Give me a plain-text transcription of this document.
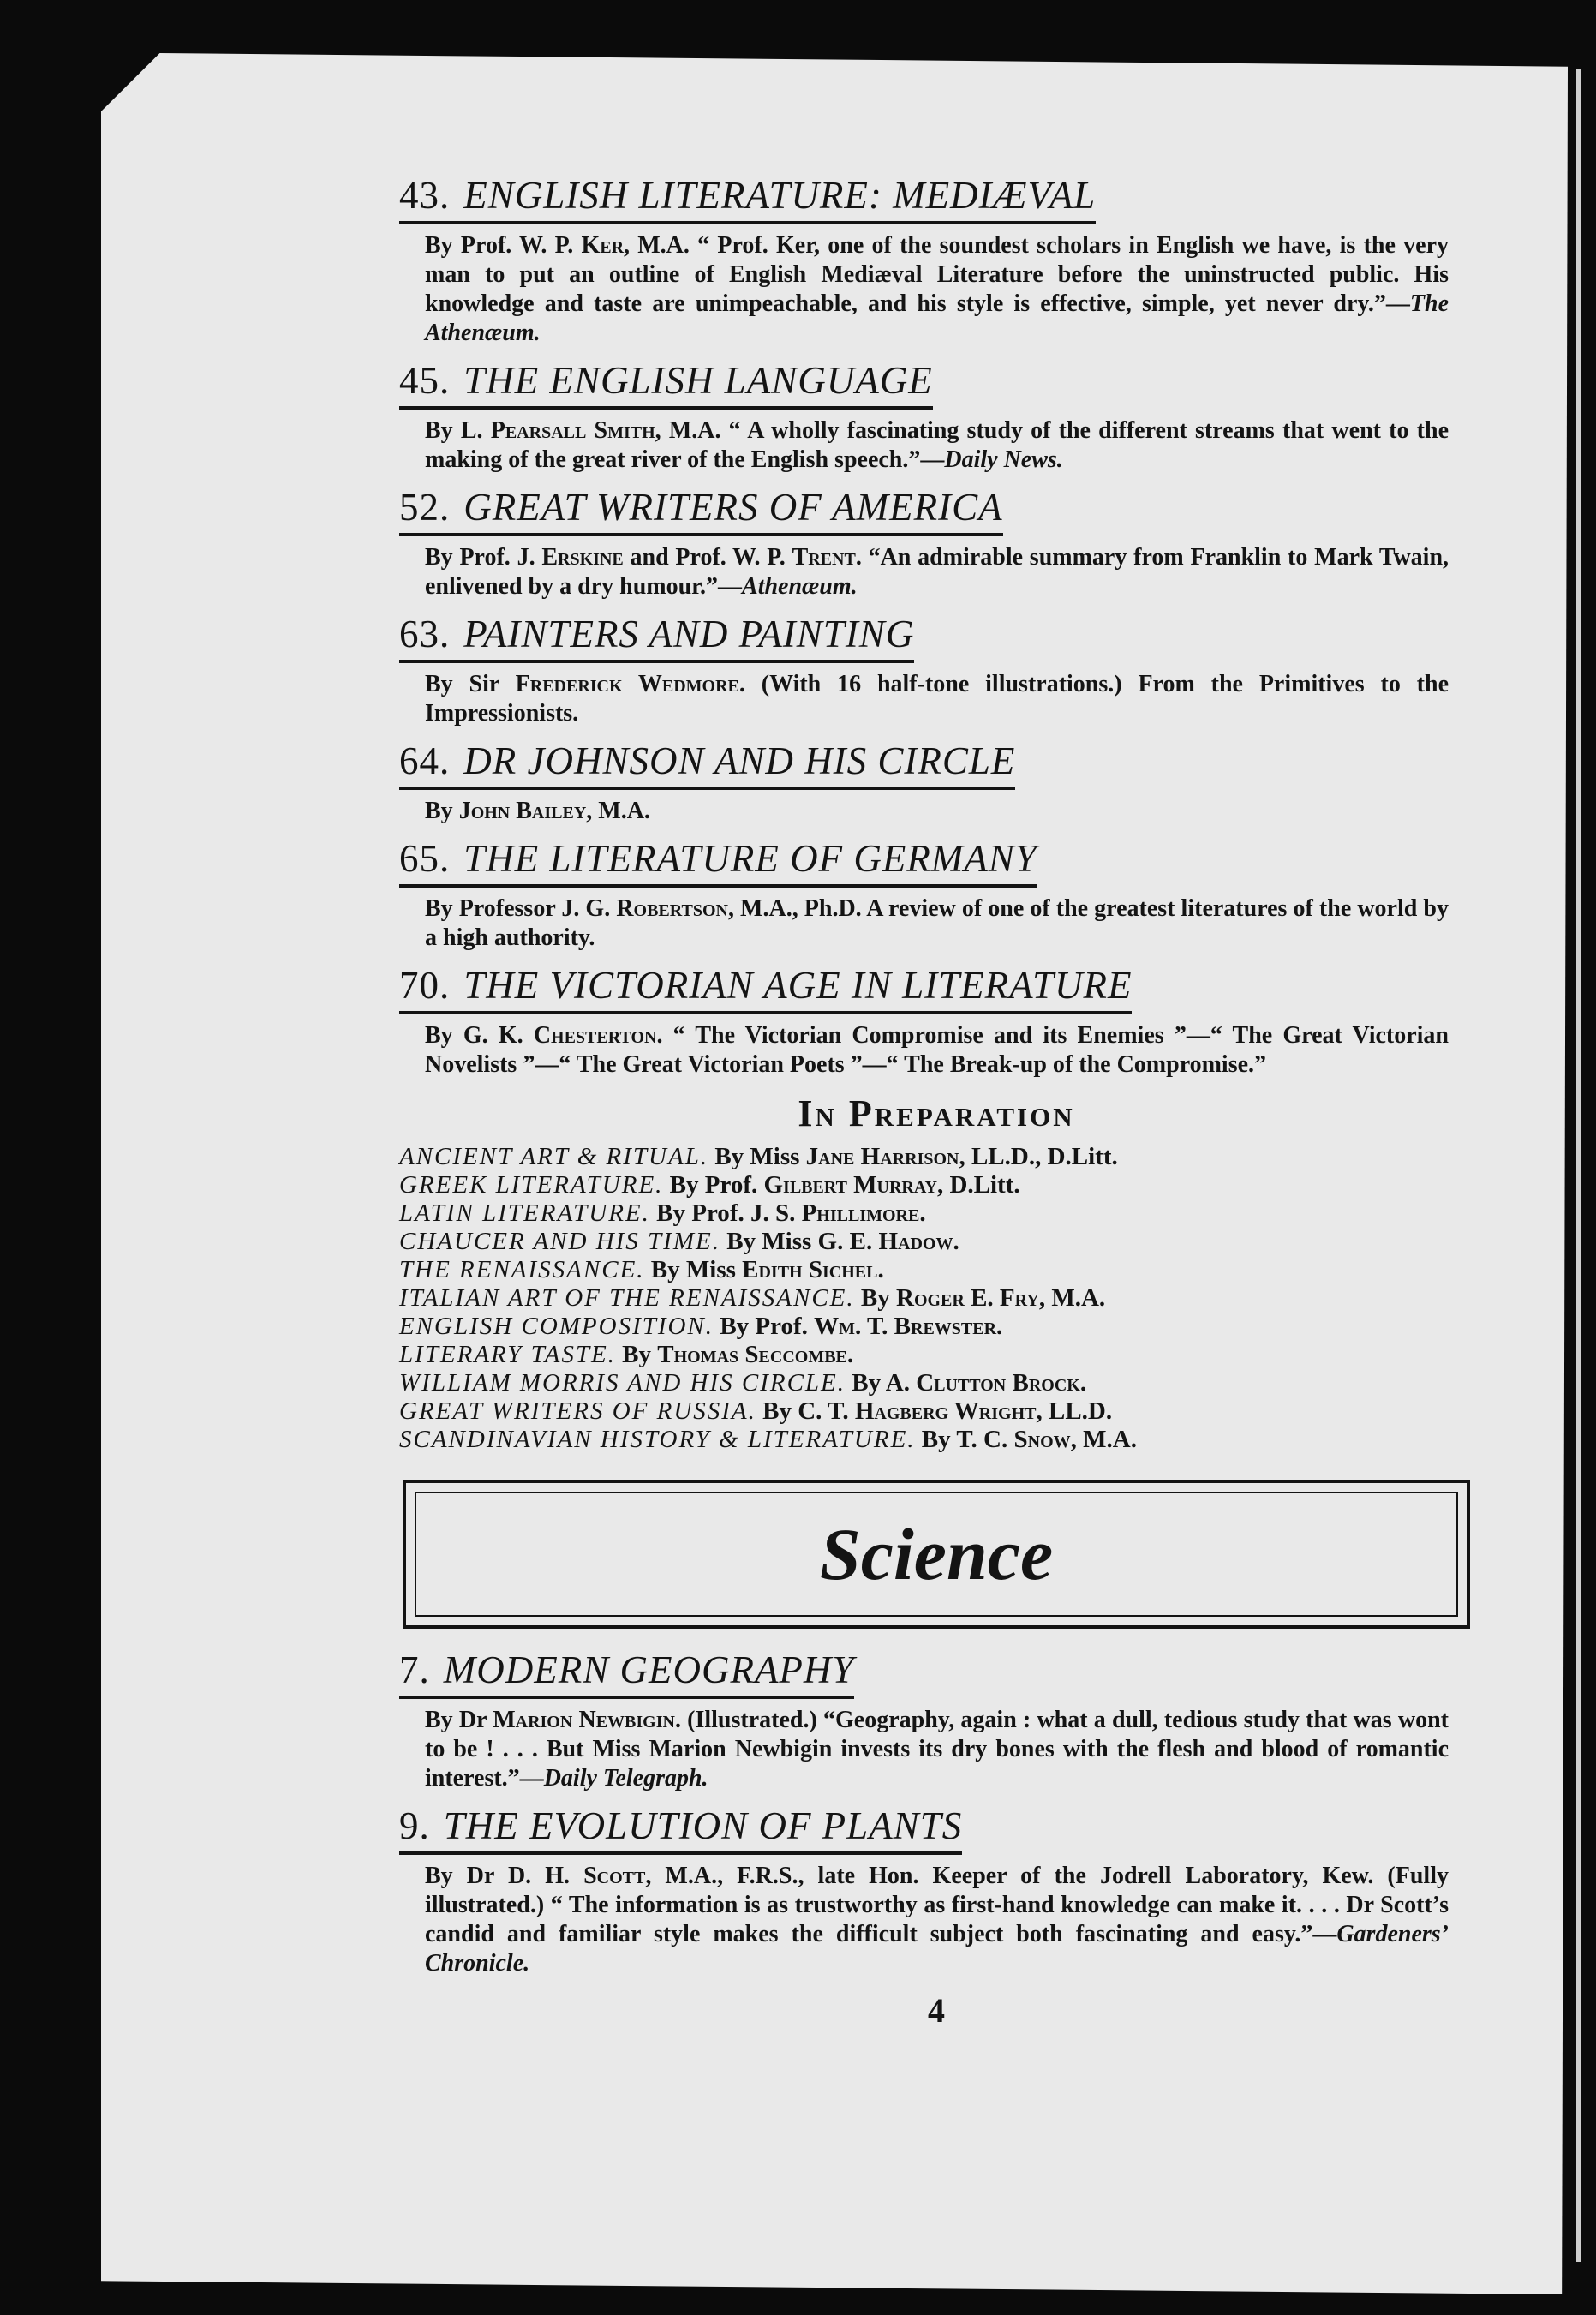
43. ENGLISH LITERATURE: MEDIÆVAL
By Prof. W. P. Ker, M.A. “ Prof. Ker, one of the soundest scholars in English we have, is the very man to put an outline of English Mediæval Literature before the uninstructed public. His knowledge and taste are unimpeachable, and his style is effective, simple, yet never dry.”—The Athenæum.
45. THE ENGLISH LANGUAGE
By L. Pearsall Smith, M.A. “ A wholly fascinating study of the different streams that went to the making of the great river of the English speech.”—Daily News.
52. GREAT WRITERS OF AMERICA
By Prof. J. Erskine and Prof. W. P. Trent. “An admirable summary from Franklin to Mark Twain, enlivened by a dry humour.”—Athenæum.
63. PAINTERS AND PAINTING
By Sir Frederick Wedmore. (With 16 half-tone illustrations.) From the Primitives to the Impressionists.
64. DR JOHNSON AND HIS CIRCLE
By John Bailey, M.A.
65. THE LITERATURE OF GERMANY
By Professor J. G. Robertson, M.A., Ph.D. A review of one of the greatest literatures of the world by a high authority.
70. THE VICTORIAN AGE IN LITERATURE
By G. K. Chesterton. “ The Victorian Compromise and its Enemies ”—“ The Great Victorian Novelists ”—“ The Great Victorian Poets ”—“ The Break-up of the Compromise.”
In Preparation
ANCIENT ART & RITUAL. By Miss Jane Harrison, LL.D., D.Litt.
GREEK LITERATURE. By Prof. Gilbert Murray, D.Litt.
LATIN LITERATURE. By Prof. J. S. Phillimore.
CHAUCER AND HIS TIME. By Miss G. E. Hadow.
THE RENAISSANCE. By Miss Edith Sichel.
ITALIAN ART OF THE RENAISSANCE. By Roger E. Fry, M.A.
ENGLISH COMPOSITION. By Prof. Wm. T. Brewster.
LITERARY TASTE. By Thomas Seccombe.
WILLIAM MORRIS AND HIS CIRCLE. By A. Clutton Brock.
GREAT WRITERS OF RUSSIA. By C. T. Hagberg Wright, LL.D.
SCANDINAVIAN HISTORY & LITERATURE. By T. C. Snow, M.A.
Science
7. MODERN GEOGRAPHY
By Dr Marion Newbigin. (Illustrated.) “Geography, again : what a dull, tedious study that was wont to be ! . . . But Miss Marion Newbigin invests its dry bones with the flesh and blood of romantic interest.”—Daily Telegraph.
9. THE EVOLUTION OF PLANTS
By Dr D. H. Scott, M.A., F.R.S., late Hon. Keeper of the Jodrell Laboratory, Kew. (Fully illustrated.) “ The information is as trustworthy as first-hand knowledge can make it. . . . Dr Scott’s candid and familiar style makes the difficult subject both fascinating and easy.”—Gardeners’ Chronicle.
4
